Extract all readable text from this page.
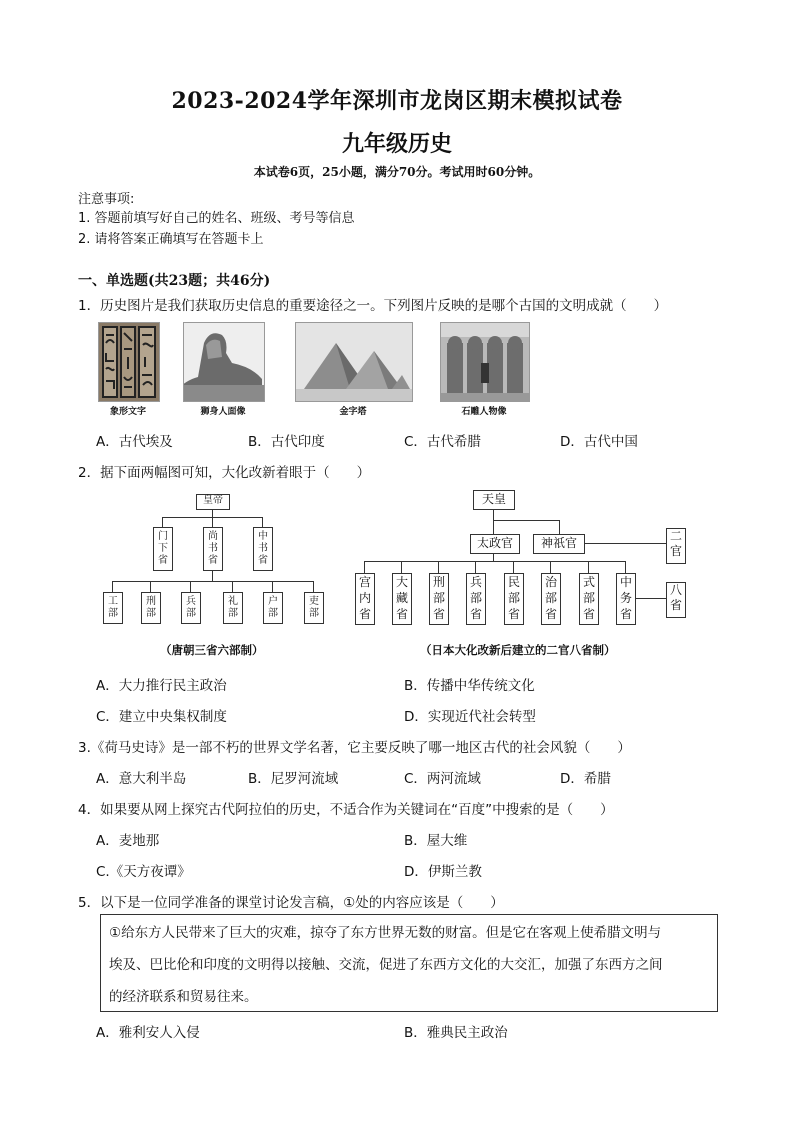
2023-2024学年深圳市龙岗区期末模拟试卷
九年级历史
本试卷6页，25小题，满分70分。考试用时60分钟。
注意事项:
1. 答题前填写好自己的姓名、班级、考号等信息
2. 请将答案正确填写在答题卡上
一、单选题(共23题；共46分)
1．历史图片是我们获取历史信息的重要途径之一。下列图片反映的是哪个古国的文明成就（　　）
象形文字	狮身人面像	金字塔	石雕人物像
A．古代埃及	B．古代印度	C．古代希腊	D．古代中国
2．据下面两幅图可知，大化改新着眼于（　　）
皇帝
门下省
尚书省
中书省
工部
刑部
兵部
礼部
户部
吏部
（唐朝三省六部制）
天皇
太政官	神祇官	二官
宫内省
大藏省
刑部省
兵部省
民部省
治部省
式部省
中务省
八省
（日本大化改新后建立的二官八省制）
A．大力推行民主政治	B．传播中华传统文化
C．建立中央集权制度	D．实现近代社会转型
3.《荷马史诗》是一部不朽的世界文学名著，它主要反映了哪一地区古代的社会风貌（　　）
A．意大利半岛	B．尼罗河流域	C．两河流域	D．希腊
4．如果要从网上探究古代阿拉伯的历史，不适合作为关键词在“百度”中搜索的是（　　）
A．麦地那	B．屋大维
C.《天方夜谭》	D．伊斯兰教
5．以下是一位同学准备的课堂讨论发言稿，①处的内容应该是（　　）
①给东方人民带来了巨大的灾难，掠夺了东方世界无数的财富。但是它在客观上使希腊文明与
埃及、巴比伦和印度的文明得以接触、交流，促进了东西方文化的大交汇，加强了东西方之间
的经济联系和贸易往来。
A．雅利安人入侵	B．雅典民主政治
